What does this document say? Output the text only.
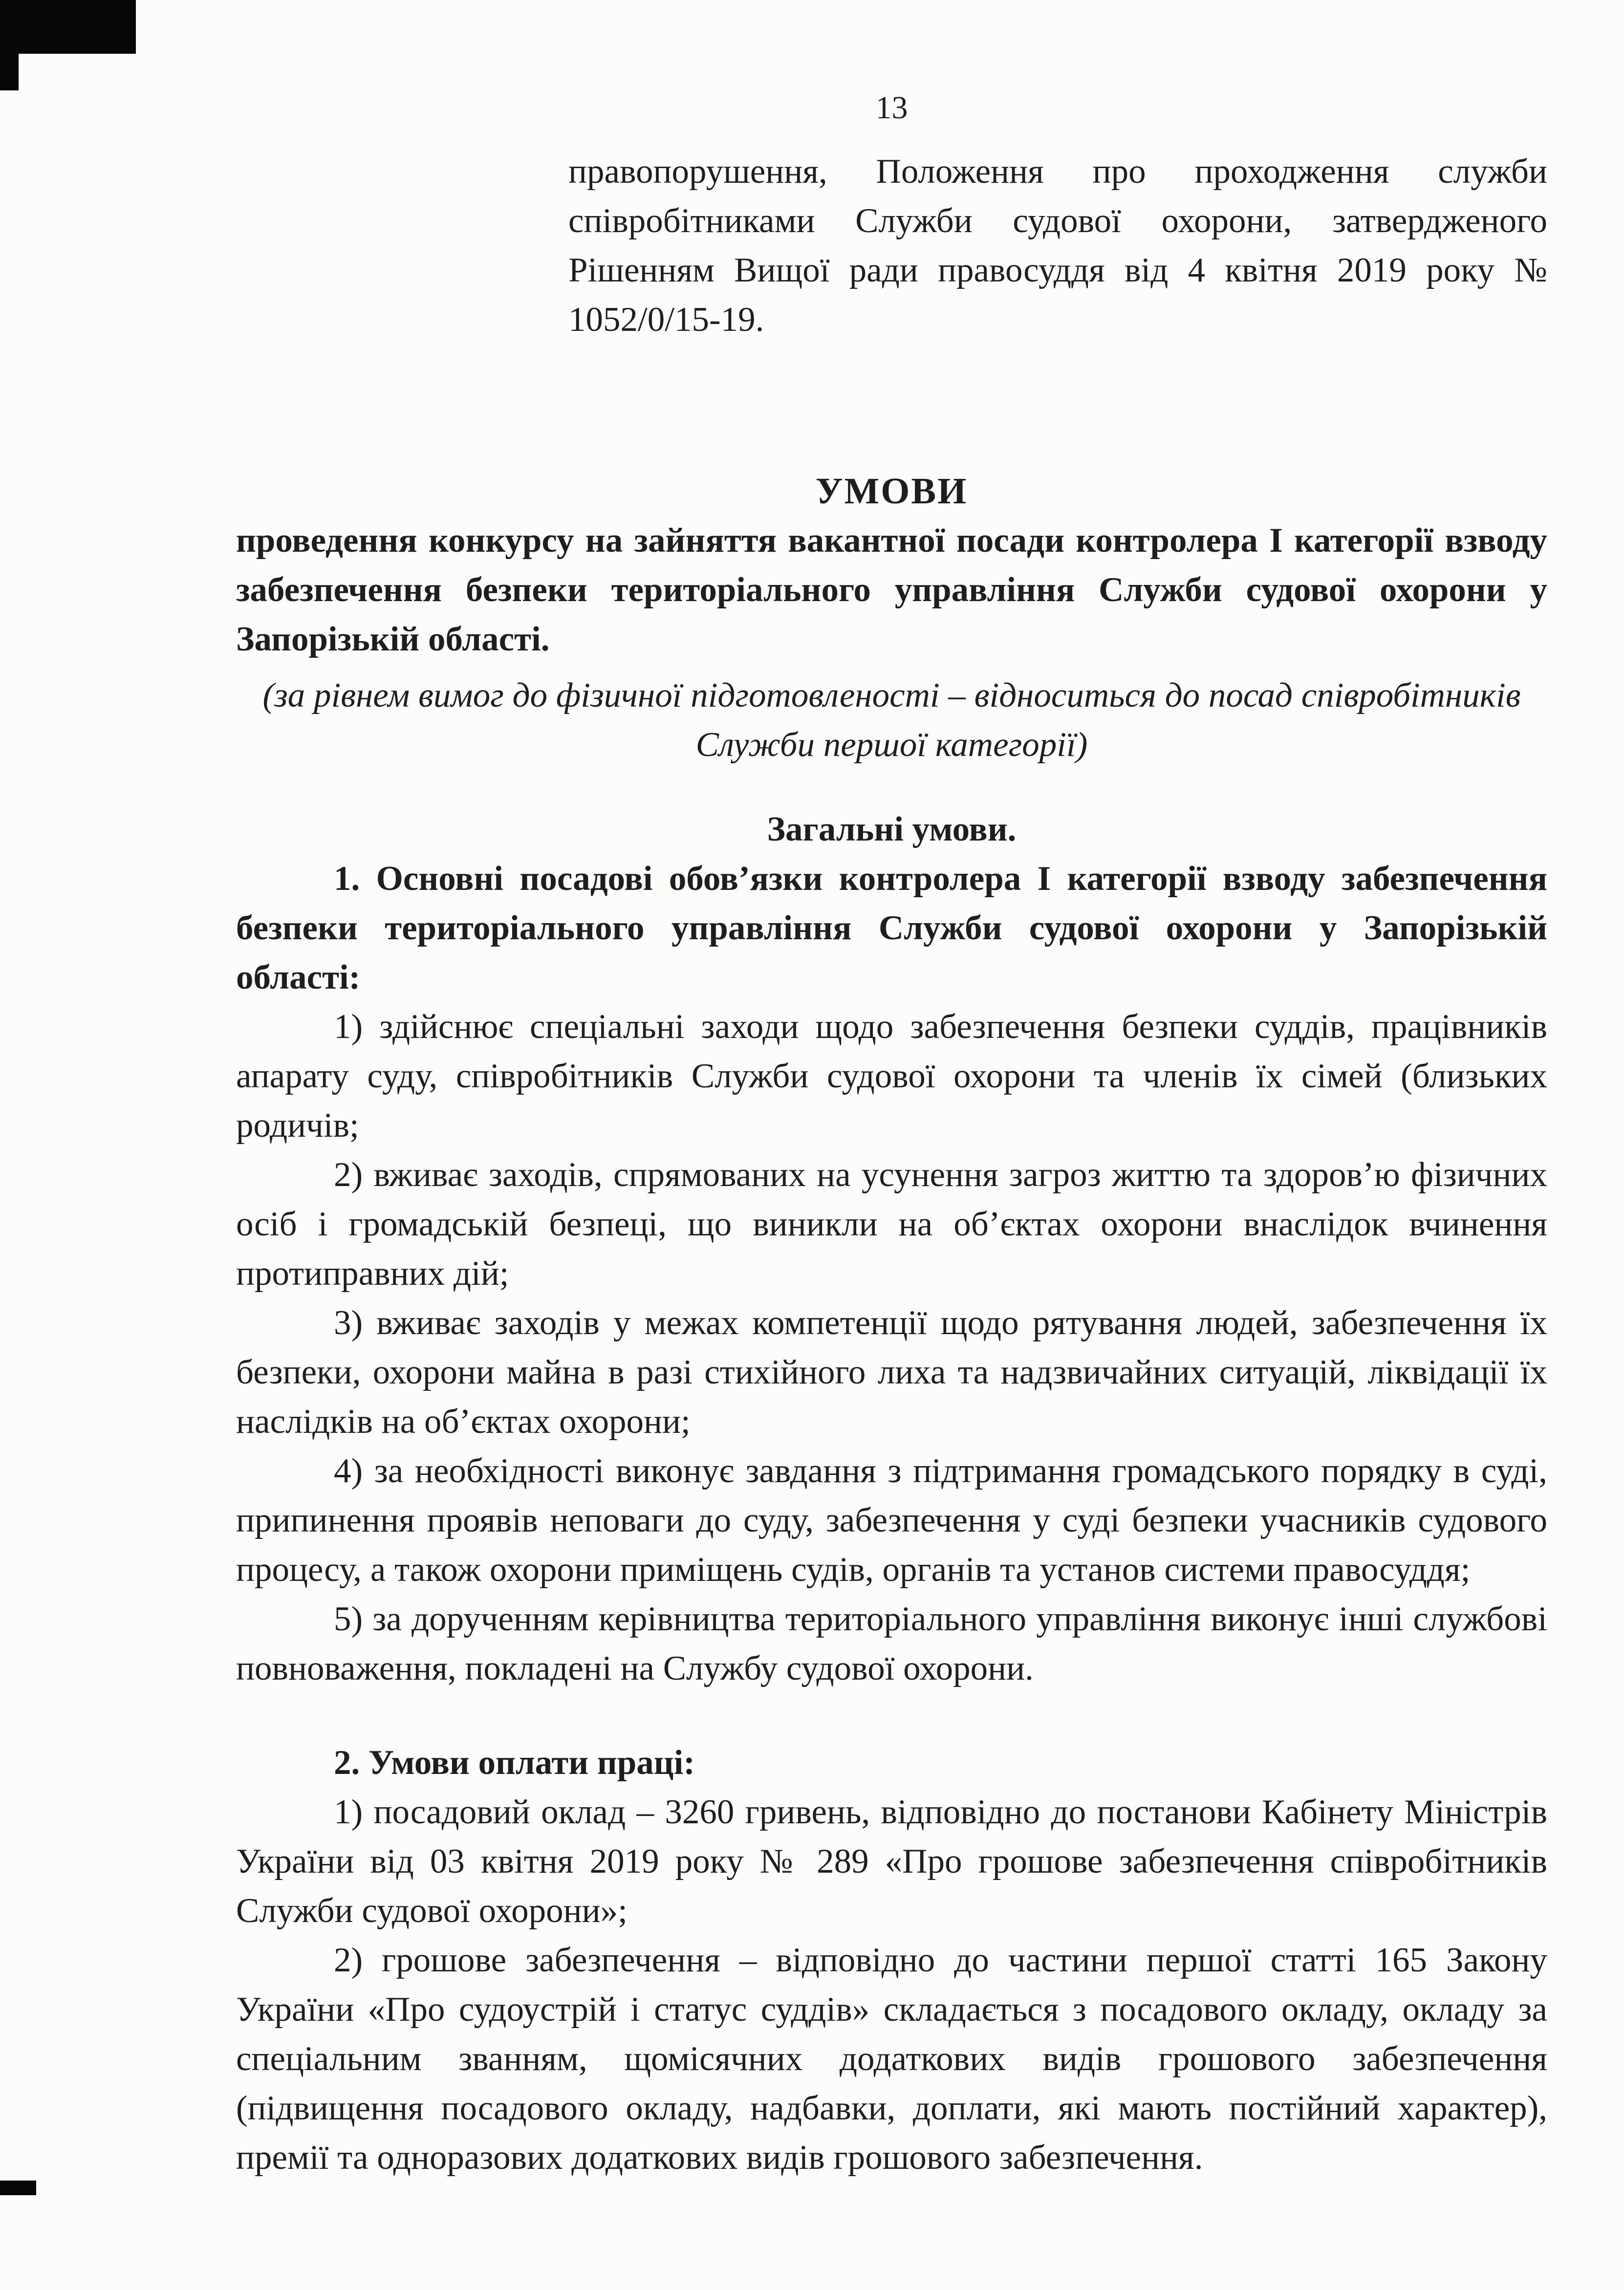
13

правопорушення, Положення про проходження служби співробітниками Служби судової охорони, затвердженого Рішенням Вищої ради правосуддя від 4 квітня 2019 року № 1052/0/15-19.

УМОВИ

проведення конкурсу на зайняття вакантної посади контролера І категорії взводу забезпечення безпеки територіального управління Служби судової охорони у Запорізькій області.

(за рівнем вимог до фізичної підготовленості – відноситься до посад співробітників Служби першої категорії)

Загальні умови.

1. Основні посадові обов’язки контролера І категорії взводу забезпечення безпеки територіального управління Служби судової охорони у Запорізькій області:

1) здійснює спеціальні заходи щодо забезпечення безпеки суддів, працівників апарату суду, співробітників Служби судової охорони та членів їх сімей (близьких родичів;

2) вживає заходів, спрямованих на усунення загроз життю та здоров’ю фізичних осіб і громадській безпеці, що виникли на об’єктах охорони внаслідок вчинення протиправних дій;

3) вживає заходів у межах компетенції щодо рятування людей, забезпечення їх безпеки, охорони майна в разі стихійного лиха та надзвичайних ситуацій, ліквідації їх наслідків на об’єктах охорони;

4) за необхідності виконує завдання з підтримання громадського порядку в суді, припинення проявів неповаги до суду, забезпечення у суді безпеки учасників судового процесу, а також охорони приміщень судів, органів та установ системи правосуддя;

5) за дорученням керівництва територіального управління виконує інші службові повноваження, покладені на Службу судової охорони.

2. Умови оплати праці:

1) посадовий оклад – 3260 гривень, відповідно до постанови Кабінету Міністрів України від 03 квітня 2019 року № 289 «Про грошове забезпечення співробітників Служби судової охорони»;

2) грошове забезпечення – відповідно до частини першої статті 165 Закону України «Про судоустрій і статус суддів» складається з посадового окладу, окладу за спеціальним званням, щомісячних додаткових видів грошового забезпечення (підвищення посадового окладу, надбавки, доплати, які мають постійний характер), премії та одноразових додаткових видів грошового забезпечення.
